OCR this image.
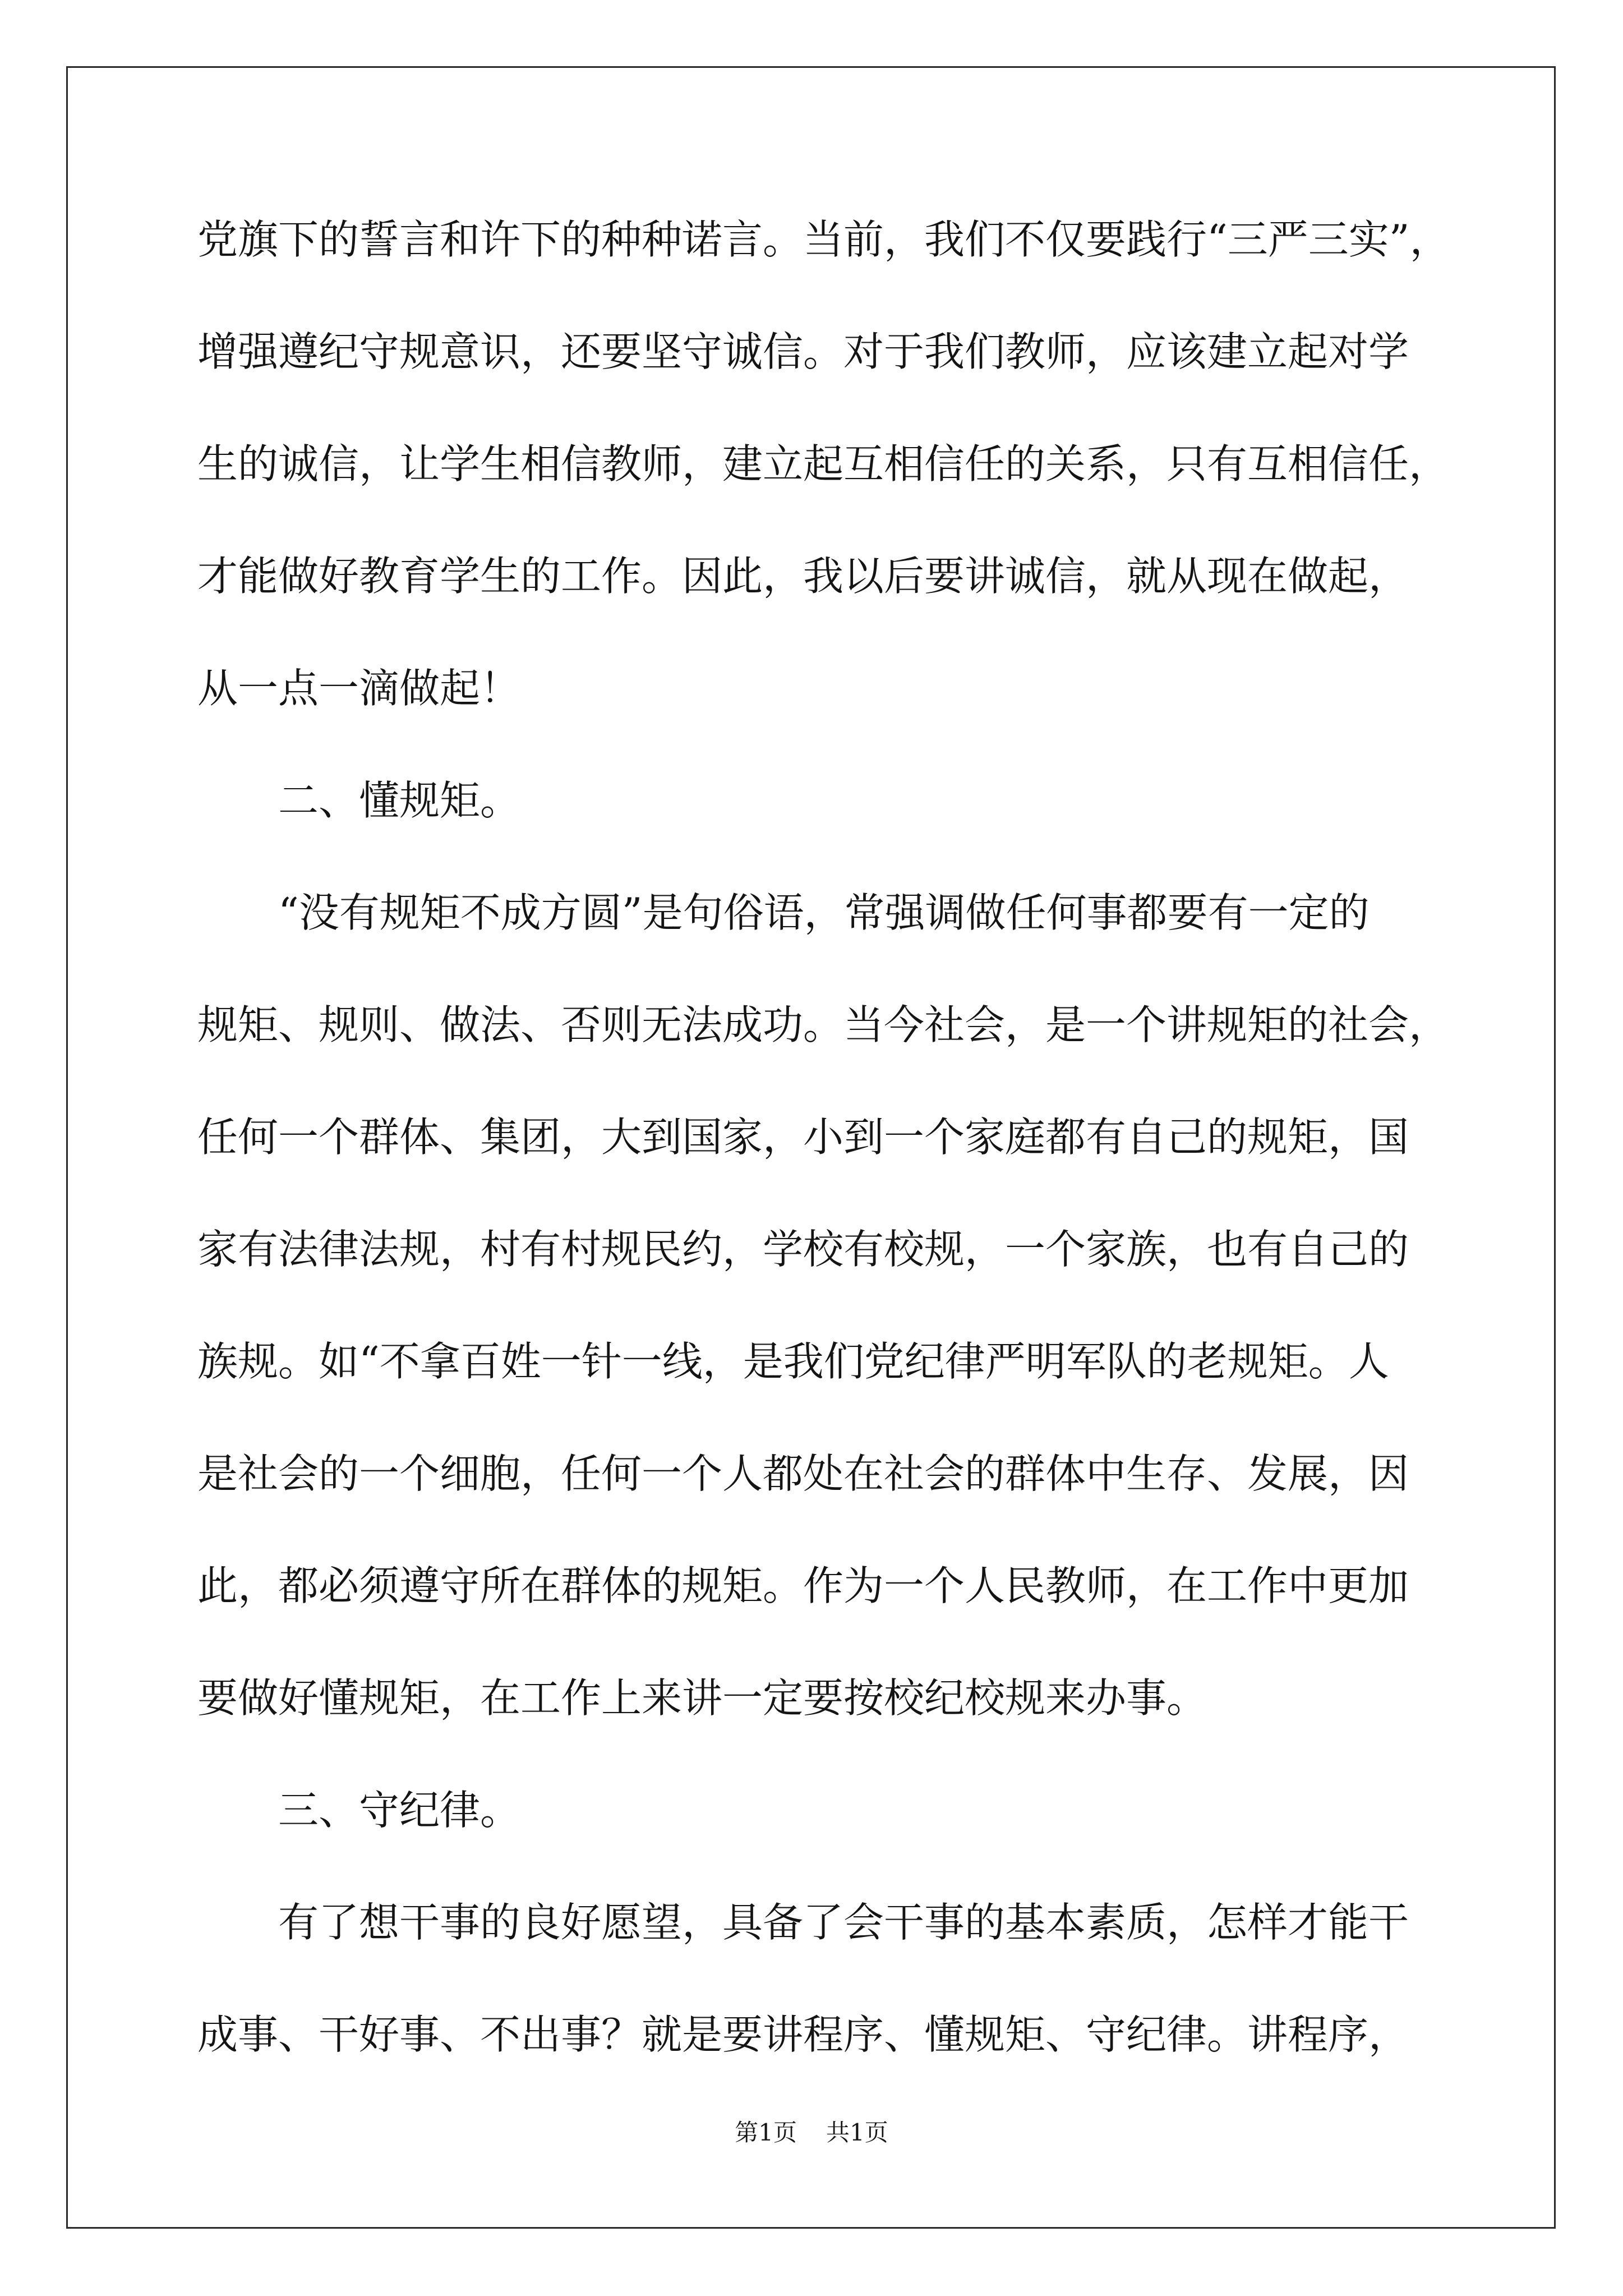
党旗下的誓言和许下的种种诺言。当前，我们不仅要践行“三严三实”，
增强遵纪守规意识，还要坚守诚信。对于我们教师，应该建立起对学
生的诚信，让学生相信教师，建立起互相信任的关系，只有互相信任，
才能做好教育学生的工作。因此，我以后要讲诚信，就从现在做起，
从一点一滴做起！
二、懂规矩。
“没有规矩不成方圆”是句俗语，常强调做任何事都要有一定的
规矩、规则、做法、否则无法成功。当今社会，是一个讲规矩的社会，
任何一个群体、集团，大到国家，小到一个家庭都有自己的规矩，国
家有法律法规，村有村规民约，学校有校规，一个家族，也有自己的
族规。如“不拿百姓一针一线，是我们党纪律严明军队的老规矩。人
是社会的一个细胞，任何一个人都处在社会的群体中生存、发展，因
此，都必须遵守所在群体的规矩。作为一个人民教师，在工作中更加
要做好懂规矩，在工作上来讲一定要按校纪校规来办事。
三、守纪律。
有了想干事的良好愿望，具备了会干事的基本素质，怎样才能干
成事、干好事、不出事？就是要讲程序、懂规矩、守纪律。讲程序，
第1页 共1页
